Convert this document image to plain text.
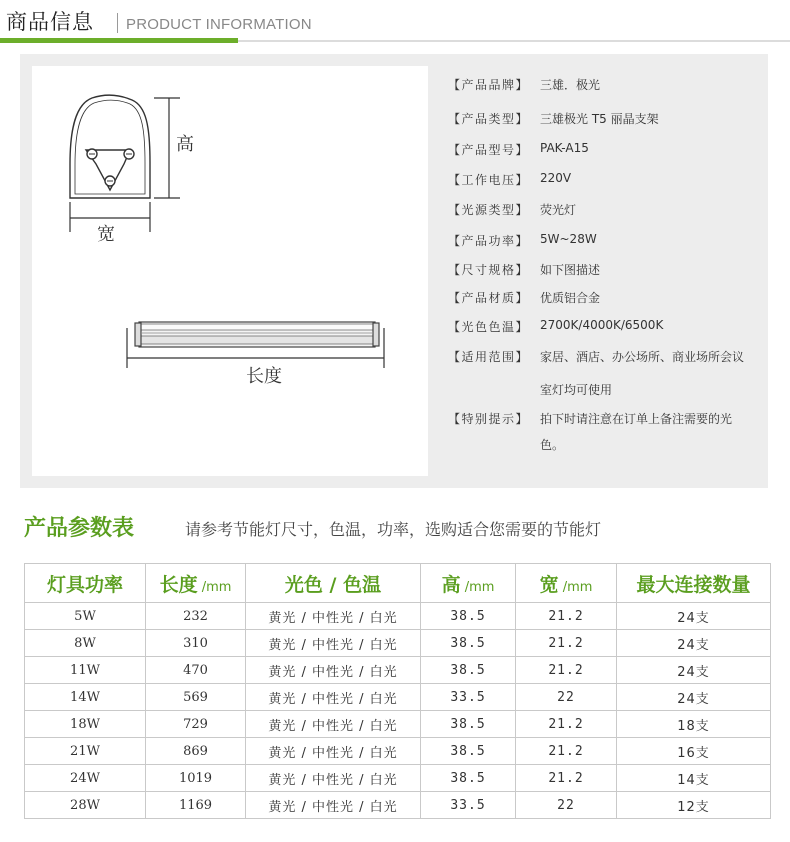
商品信息 PRODUCT INFORMATION
高
宽
长度
【产品品牌】 三雄．极光
【产品类型】 三雄极光 T5 丽晶支架
【产品型号】 PAK-A15
【工作电压】 220V
【光源类型】 荧光灯
【产品功率】 5W~28W
【尺寸规格】 如下图描述
【产品材质】 优质铝合金
【光色色温】 2700K/4000K/6500K
【适用范围】 家居、酒店、办公场所、商业场所会议室灯均可使用
【特别提示】 拍下时请注意在订单上备注需要的光色。
产品参数表	请参考节能灯尺寸，色温，功率，选购适合您需要的节能灯
灯具功率	长度 /mm	光色 / 色温	高 /mm	宽 /mm	最大连接数量
5W	232	黄光 / 中性光 / 白光	38.5	21.2	24支
8W	310	黄光 / 中性光 / 白光	38.5	21.2	24支
11W	470	黄光 / 中性光 / 白光	38.5	21.2	24支
14W	569	黄光 / 中性光 / 白光	33.5	22	24支
18W	729	黄光 / 中性光 / 白光	38.5	21.2	18支
21W	869	黄光 / 中性光 / 白光	38.5	21.2	16支
24W	1019	黄光 / 中性光 / 白光	38.5	21.2	14支
28W	1169	黄光 / 中性光 / 白光	33.5	22	12支
